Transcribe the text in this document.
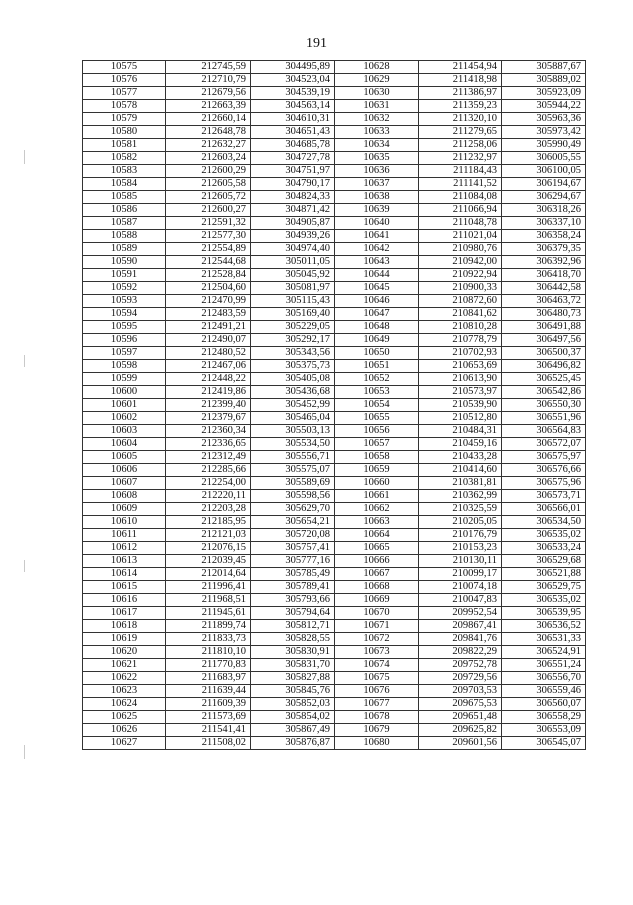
191
10575	212745,59	304495,89	10628	211454,94	305887,67
10576	212710,79	304523,04	10629	211418,98	305889,02
10577	212679,56	304539,19	10630	211386,97	305923,09
10578	212663,39	304563,14	10631	211359,23	305944,22
10579	212660,14	304610,31	10632	211320,10	305963,36
10580	212648,78	304651,43	10633	211279,65	305973,42
10581	212632,27	304685,78	10634	211258,06	305990,49
10582	212603,24	304727,78	10635	211232,97	306005,55
10583	212600,29	304751,97	10636	211184,43	306100,05
10584	212605,58	304790,17	10637	211141,52	306194,67
10585	212605,72	304824,33	10638	211084,08	306294,67
10586	212600,27	304871,42	10639	211066,94	306318,26
10587	212591,32	304905,87	10640	211048,78	306337,10
10588	212577,30	304939,26	10641	211021,04	306358,24
10589	212554,89	304974,40	10642	210980,76	306379,35
10590	212544,68	305011,05	10643	210942,00	306392,96
10591	212528,84	305045,92	10644	210922,94	306418,70
10592	212504,60	305081,97	10645	210900,33	306442,58
10593	212470,99	305115,43	10646	210872,60	306463,72
10594	212483,59	305169,40	10647	210841,62	306480,73
10595	212491,21	305229,05	10648	210810,28	306491,88
10596	212490,07	305292,17	10649	210778,79	306497,56
10597	212480,52	305343,56	10650	210702,93	306500,37
10598	212467,06	305375,73	10651	210653,69	306496,82
10599	212448,22	305405,08	10652	210613,90	306525,45
10600	212419,86	305436,68	10653	210573,97	306542,86
10601	212399,40	305452,99	10654	210539,90	306550,30
10602	212379,67	305465,04	10655	210512,80	306551,96
10603	212360,34	305503,13	10656	210484,31	306564,83
10604	212336,65	305534,50	10657	210459,16	306572,07
10605	212312,49	305556,71	10658	210433,28	306575,97
10606	212285,66	305575,07	10659	210414,60	306576,66
10607	212254,00	305589,69	10660	210381,81	306575,96
10608	212220,11	305598,56	10661	210362,99	306573,71
10609	212203,28	305629,70	10662	210325,59	306566,01
10610	212185,95	305654,21	10663	210205,05	306534,50
10611	212121,03	305720,08	10664	210176,79	306535,02
10612	212076,15	305757,41	10665	210153,23	306533,24
10613	212039,45	305777,16	10666	210130,11	306529,68
10614	212014,64	305785,49	10667	210099,17	306521,88
10615	211996,41	305789,41	10668	210074,18	306529,75
10616	211968,51	305793,66	10669	210047,83	306535,02
10617	211945,61	305794,64	10670	209952,54	306539,95
10618	211899,74	305812,71	10671	209867,41	306536,52
10619	211833,73	305828,55	10672	209841,76	306531,33
10620	211810,10	305830,91	10673	209822,29	306524,91
10621	211770,83	305831,70	10674	209752,78	306551,24
10622	211683,97	305827,88	10675	209729,56	306556,70
10623	211639,44	305845,76	10676	209703,53	306559,46
10624	211609,39	305852,03	10677	209675,53	306560,07
10625	211573,69	305854,02	10678	209651,48	306558,29
10626	211541,41	305867,49	10679	209625,82	306553,09
10627	211508,02	305876,87	10680	209601,56	306545,07
